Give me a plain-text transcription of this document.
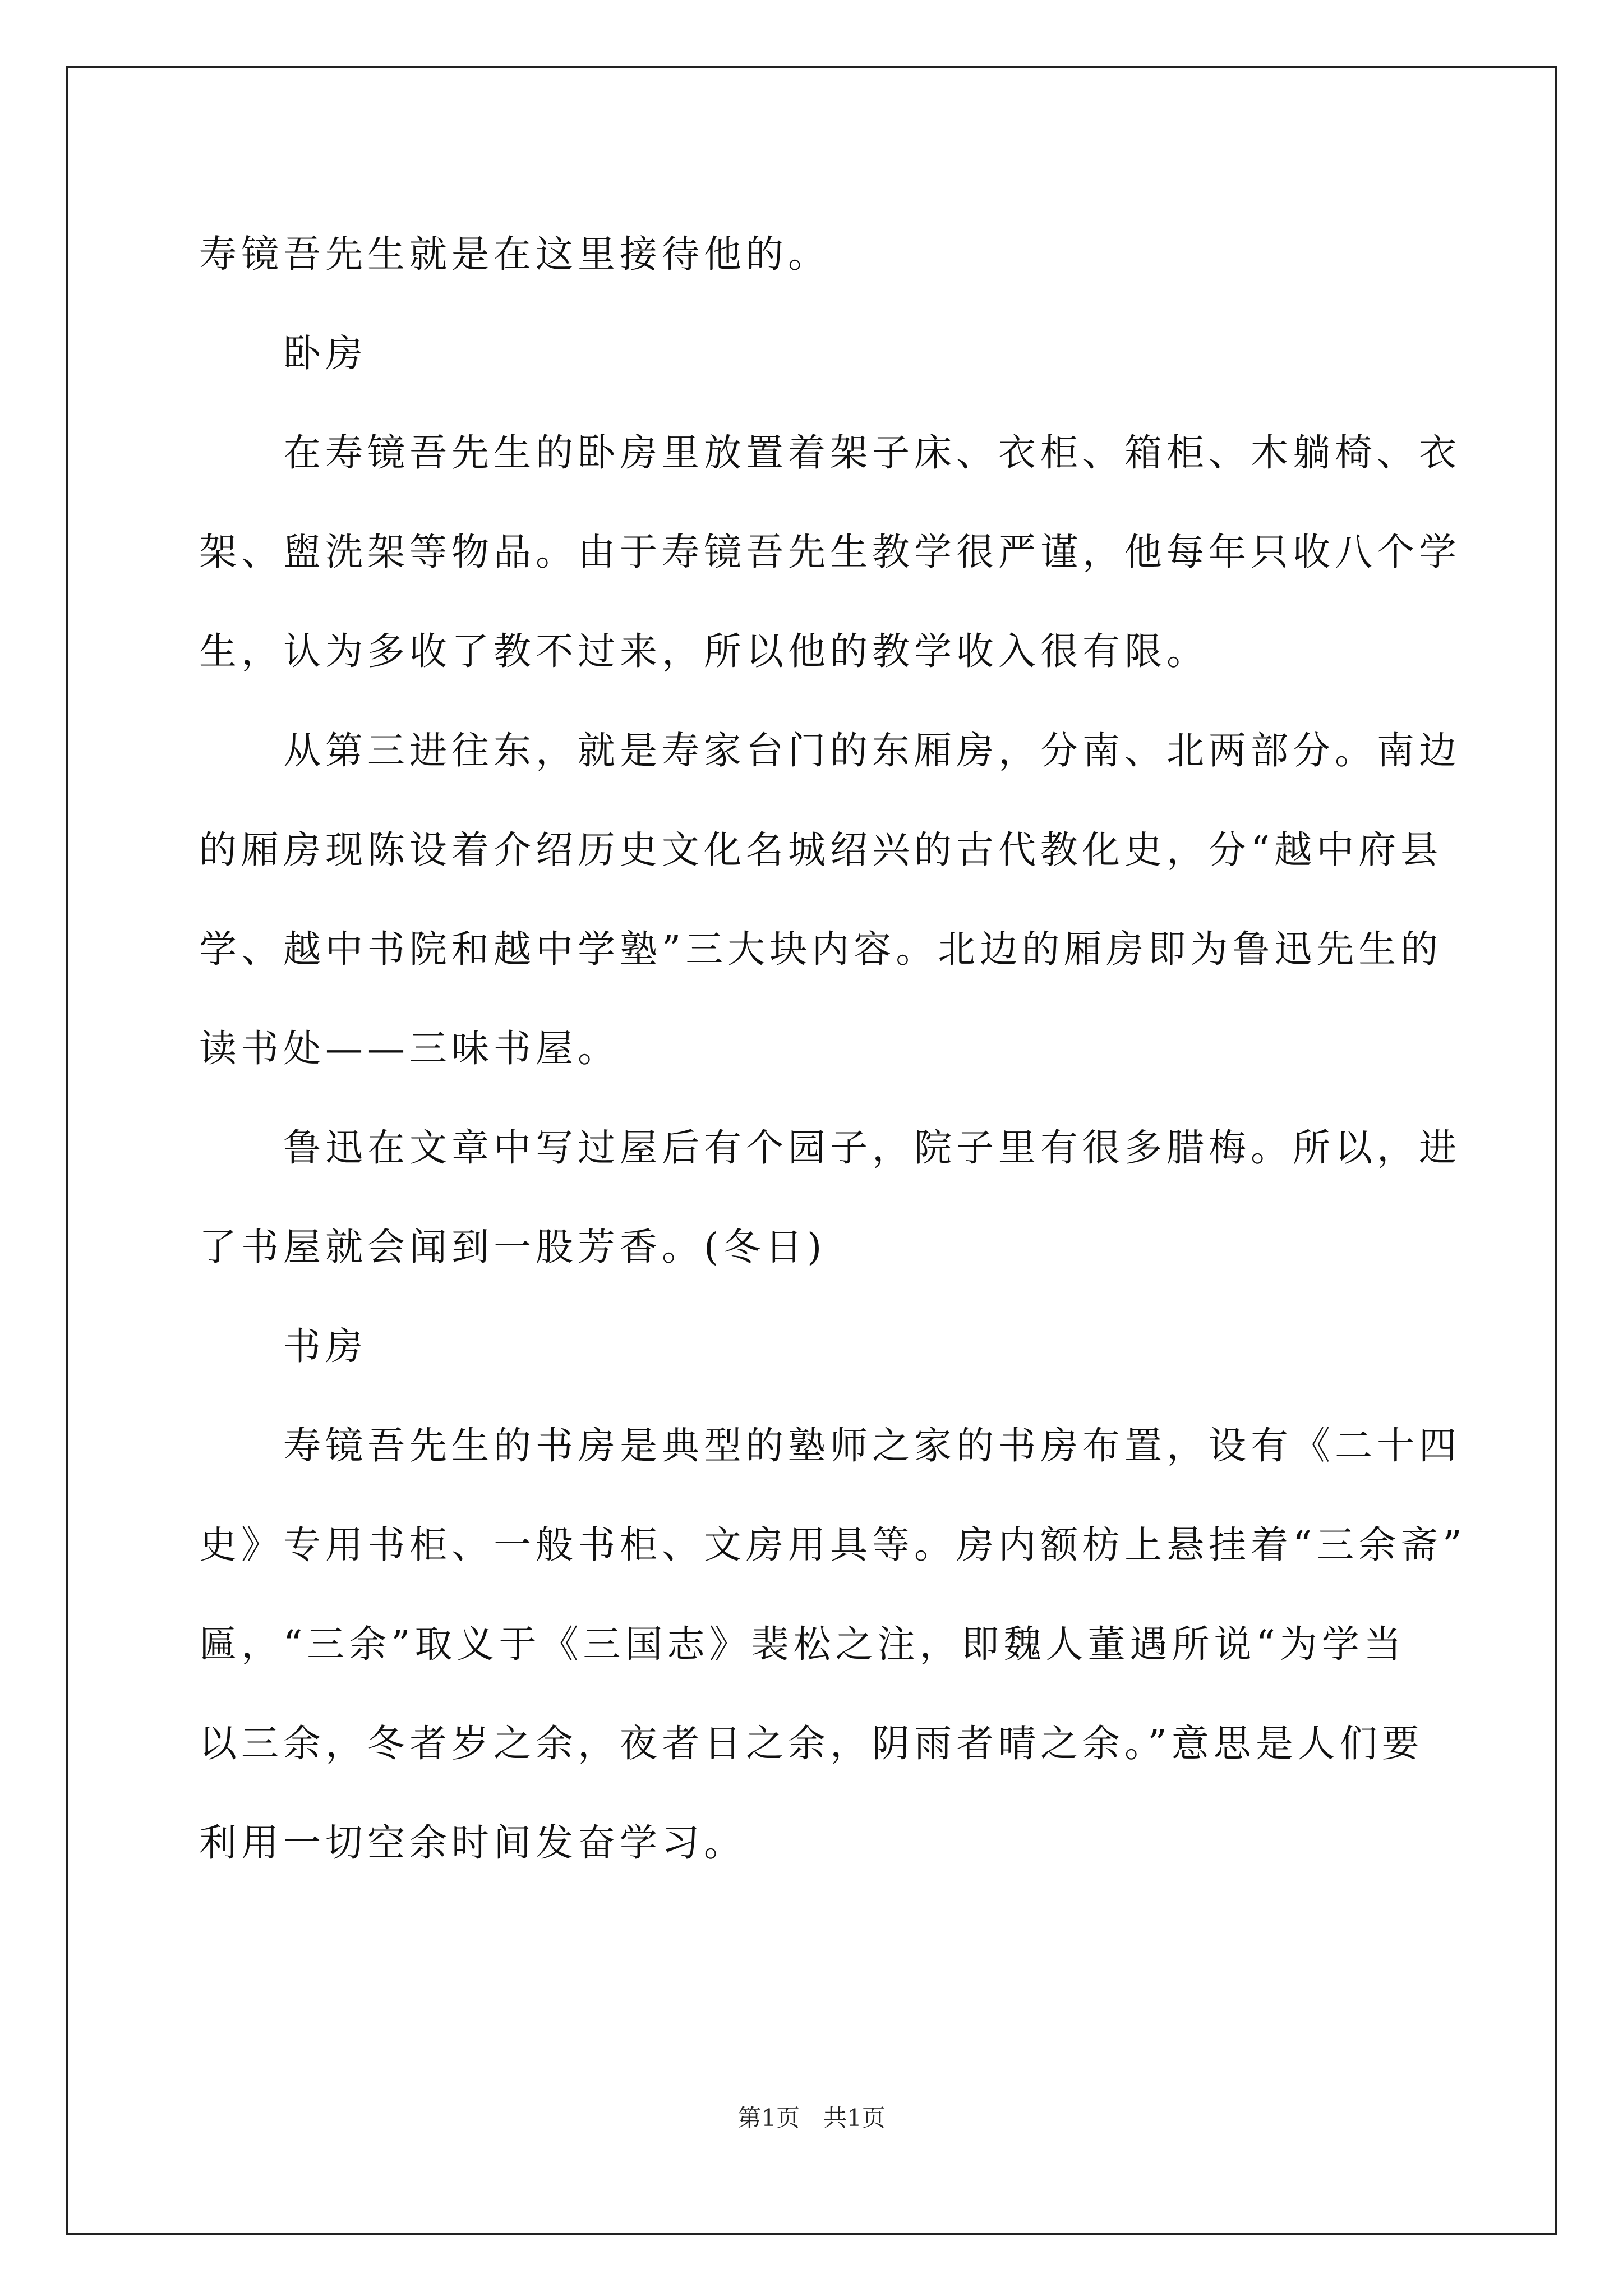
寿镜吾先生就是在这里接待他的。
卧房
在寿镜吾先生的卧房里放置着架子床、衣柜、箱柜、木躺椅、衣
架、盥洗架等物品。由于寿镜吾先生教学很严谨，他每年只收八个学
生，认为多收了教不过来，所以他的教学收入很有限。
从第三进往东，就是寿家台门的东厢房，分南、北两部分。南边
的厢房现陈设着介绍历史文化名城绍兴的古代教化史，分“越中府县
学、越中书院和越中学塾”三大块内容。北边的厢房即为鲁迅先生的
读书处——三味书屋。
鲁迅在文章中写过屋后有个园子，院子里有很多腊梅。所以，进
了书屋就会闻到一股芳香。(冬日)
书房
寿镜吾先生的书房是典型的塾师之家的书房布置，设有《二十四
史》专用书柜、一般书柜、文房用具等。房内额枋上悬挂着“三余斋”
匾，“三余”取义于《三国志》裴松之注，即魏人董遇所说“为学当
以三余，冬者岁之余，夜者日之余，阴雨者晴之余。”意思是人们要
利用一切空余时间发奋学习。
第1页　共1页
